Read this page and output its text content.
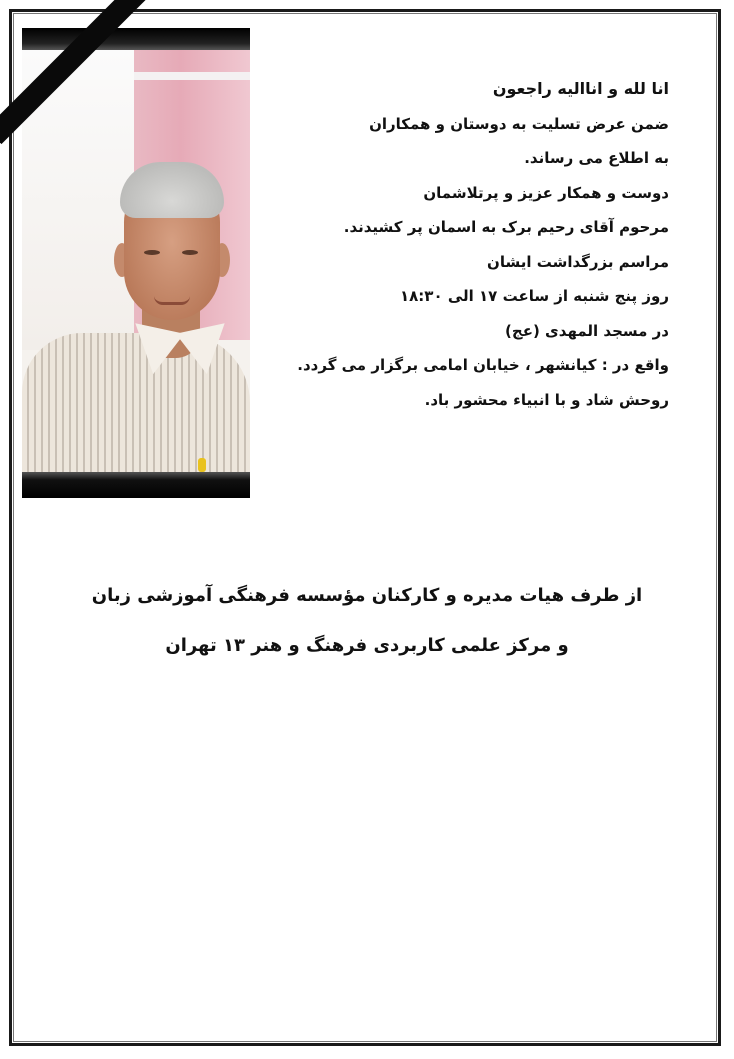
انا لله و انااليه راجعون
ضمن عرض تسلیت به دوستان و همکاران
به اطلاع می رساند.
دوست و همکار عزیز و پرتلاشمان
مرحوم آقای رحیم برک به اسمان پر کشیدند.
مراسم بزرگداشت ایشان
روز پنج شنبه از ساعت ۱۷ الی ۱۸:۳۰
در مسجد المهدی (عج)
واقع در : کیانشهر ، خیابان امامی برگزار می گردد.
روحش شاد و با انبیاء محشور باد.
از طرف هیات مدیره و کارکنان مؤسسه فرهنگی آموزشی زبان
و مرکز علمی کاربردی فرهنگ و هنر ۱۳ تهران
